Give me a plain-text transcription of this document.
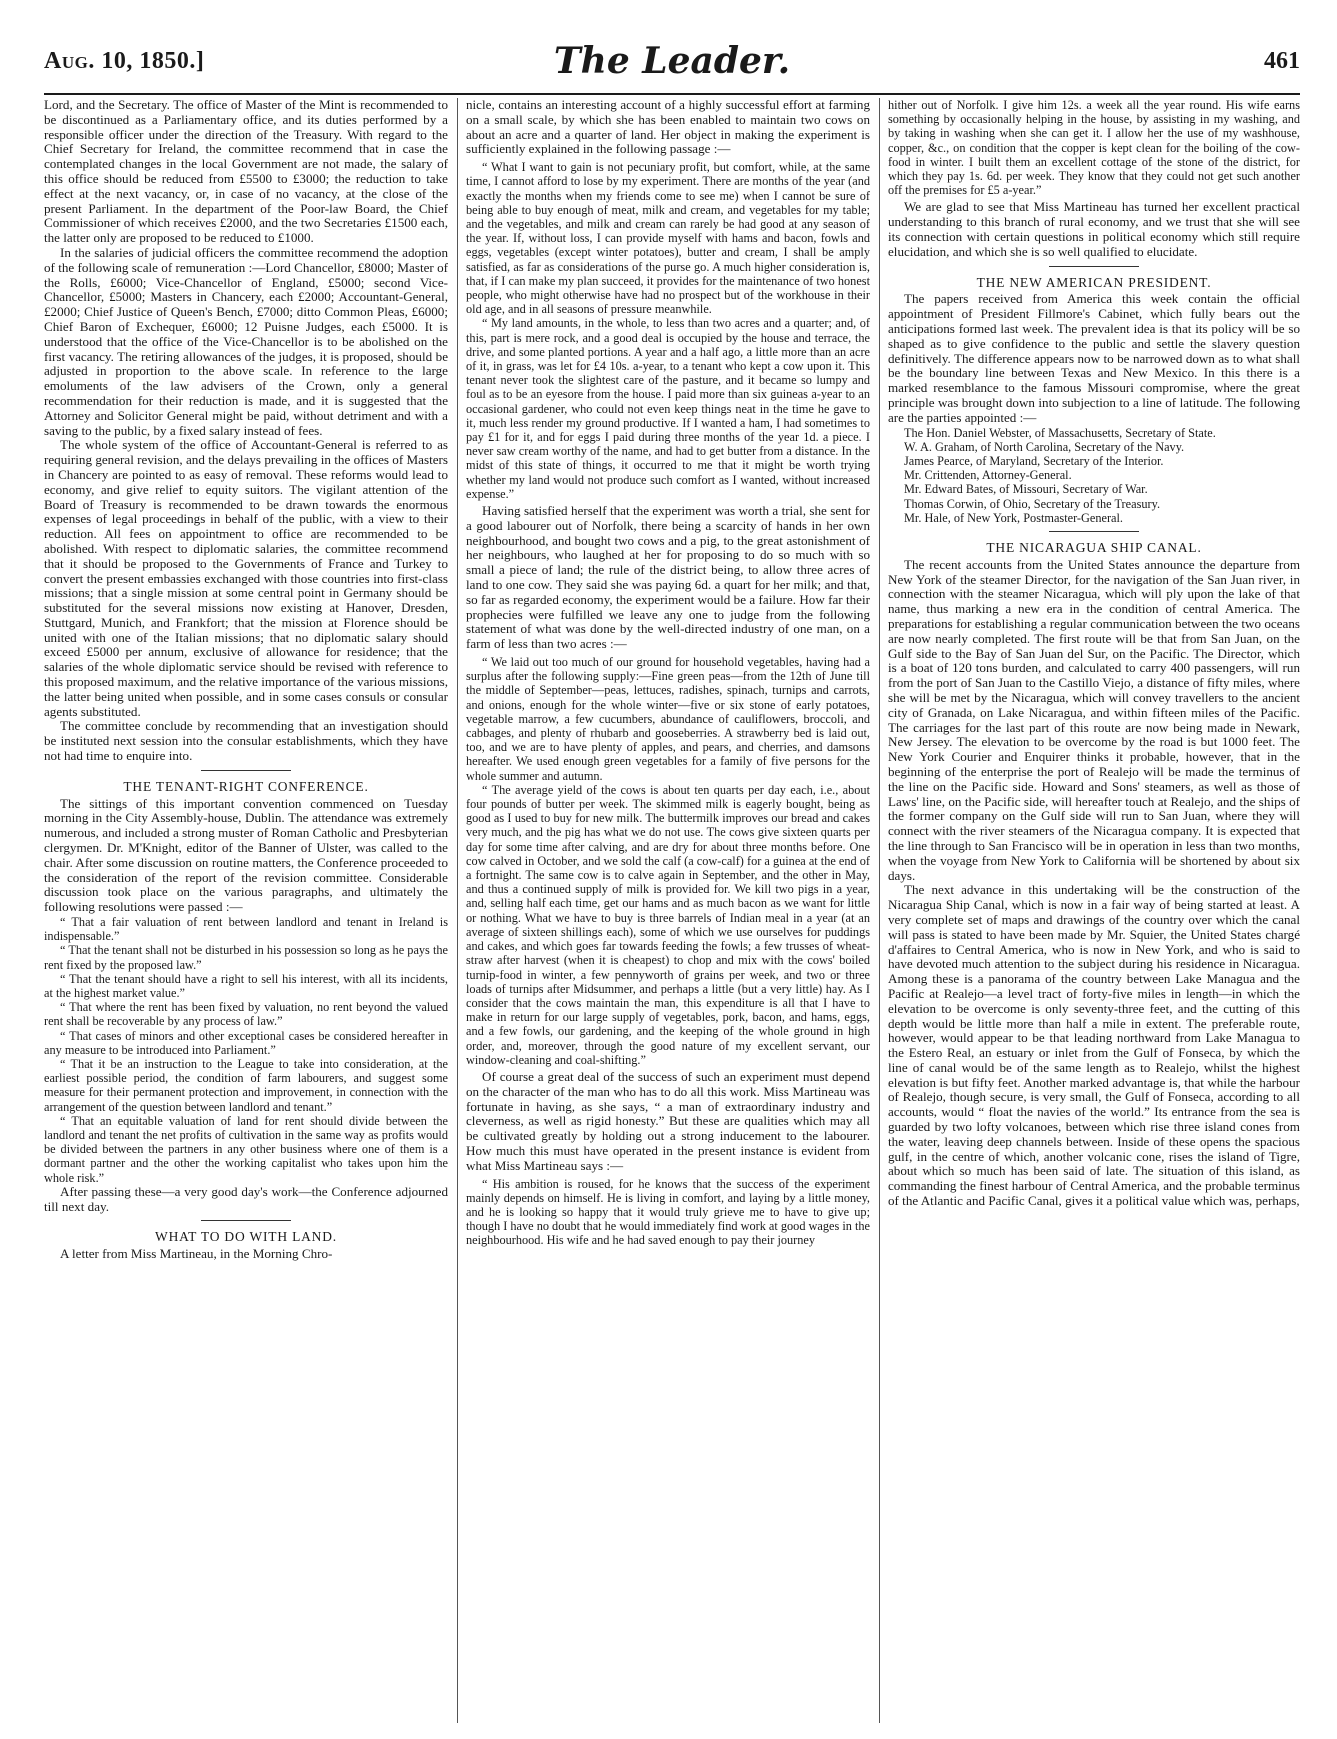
Aug. 10, 1850.]	The Leader.	461

Lord, and the Secretary. The office of Master of the Mint is recommended to be discontinued as a Parliamentary office, and its duties performed by a responsible officer under the direction of the Treasury. With regard to the Chief Secretary for Ireland, the committee recommend that in case the contemplated changes in the local Government are not made, the salary of this office should be reduced from £5500 to £3000; the reduction to take effect at the next vacancy, or, in case of no vacancy, at the close of the present Parliament. In the department of the Poor-law Board, the Chief Commissioner of which receives £2000, and the two Secretaries £1500 each, the latter only are proposed to be reduced to £1000.

In the salaries of judicial officers the committee recommend the adoption of the following scale of remuneration :—Lord Chancellor, £8000; Master of the Rolls, £6000; Vice-Chancellor of England, £5000; second Vice-Chancellor, £5000; Masters in Chancery, each £2000; Accountant-General, £2000; Chief Justice of Queen's Bench, £7000; ditto Common Pleas, £6000; Chief Baron of Exchequer, £6000; 12 Puisne Judges, each £5000. It is understood that the office of the Vice-Chancellor is to be abolished on the first vacancy. The retiring allowances of the judges, it is proposed, should be adjusted in proportion to the above scale. In reference to the large emoluments of the law advisers of the Crown, only a general recommendation for their reduction is made, and it is suggested that the Attorney and Solicitor General might be paid, without detriment and with a saving to the public, by a fixed salary instead of fees.

The whole system of the office of Accountant-General is referred to as requiring general revision, and the delays prevailing in the offices of Masters in Chancery are pointed to as easy of removal. These reforms would lead to economy, and give relief to equity suitors. The vigilant attention of the Board of Treasury is recommended to be drawn towards the enormous expenses of legal proceedings in behalf of the public, with a view to their reduction. All fees on appointment to office are recommended to be abolished. With respect to diplomatic salaries, the committee recommend that it should be proposed to the Governments of France and Turkey to convert the present embassies exchanged with those countries into first-class missions; that a single mission at some central point in Germany should be substituted for the several missions now existing at Hanover, Dresden, Stuttgard, Munich, and Frankfort; that the mission at Florence should be united with one of the Italian missions; that no diplomatic salary should exceed £5000 per annum, exclusive of allowance for residence; that the salaries of the whole diplomatic service should be revised with reference to this proposed maximum, and the relative importance of the various missions, the latter being united when possible, and in some cases consuls or consular agents substituted.

The committee conclude by recommending that an investigation should be instituted next session into the consular establishments, which they have not had time to enquire into.

THE TENANT-RIGHT CONFERENCE.

The sittings of this important convention commenced on Tuesday morning in the City Assembly-house, Dublin. The attendance was extremely numerous, and included a strong muster of Roman Catholic and Presbyterian clergymen. Dr. M'Knight, editor of the Banner of Ulster, was called to the chair. After some discussion on routine matters, the Conference proceeded to the consideration of the report of the revision committee. Considerable discussion took place on the various paragraphs, and ultimately the following resolutions were passed :—

“ That a fair valuation of rent between landlord and tenant in Ireland is indispensable.”

“ That the tenant shall not be disturbed in his possession so long as he pays the rent fixed by the proposed law.”

“ That the tenant should have a right to sell his interest, with all its incidents, at the highest market value.”

“ That where the rent has been fixed by valuation, no rent beyond the valued rent shall be recoverable by any process of law.”

“ That cases of minors and other exceptional cases be considered hereafter in any measure to be introduced into Parliament.”

“ That it be an instruction to the League to take into consideration, at the earliest possible period, the condition of farm labourers, and suggest some measure for their permanent protection and improvement, in connection with the arrangement of the question between landlord and tenant.”

“ That an equitable valuation of land for rent should divide between the landlord and tenant the net profits of cultivation in the same way as profits would be divided between the partners in any other business where one of them is a dormant partner and the other the working capitalist who takes upon him the whole risk.”

After passing these—a very good day's work—the Conference adjourned till next day.

WHAT TO DO WITH LAND.

A letter from Miss Martineau, in the Morning Chro-

nicle, contains an interesting account of a highly successful effort at farming on a small scale, by which she has been enabled to maintain two cows on about an acre and a quarter of land. Her object in making the experiment is sufficiently explained in the following passage :—

“ What I want to gain is not pecuniary profit, but comfort, while, at the same time, I cannot afford to lose by my experiment. There are months of the year (and exactly the months when my friends come to see me) when I cannot be sure of being able to buy enough of meat, milk and cream, and vegetables for my table; and the vegetables, and milk and cream can rarely be had good at any season of the year. If, without loss, I can provide myself with hams and bacon, fowls and eggs, vegetables (except winter potatoes), butter and cream, I shall be amply satisfied, as far as considerations of the purse go. A much higher consideration is, that, if I can make my plan succeed, it provides for the maintenance of two honest people, who might otherwise have had no prospect but of the workhouse in their old age, and in all seasons of pressure meanwhile.

“ My land amounts, in the whole, to less than two acres and a quarter; and, of this, part is mere rock, and a good deal is occupied by the house and terrace, the drive, and some planted portions. A year and a half ago, a little more than an acre of it, in grass, was let for £4 10s. a-year, to a tenant who kept a cow upon it. This tenant never took the slightest care of the pasture, and it became so lumpy and foul as to be an eyesore from the house. I paid more than six guineas a-year to an occasional gardener, who could not even keep things neat in the time he gave to it, much less render my ground productive. If I wanted a ham, I had sometimes to pay £1 for it, and for eggs I paid during three months of the year 1d. a piece. I never saw cream worthy of the name, and had to get butter from a distance. In the midst of this state of things, it occurred to me that it might be worth trying whether my land would not produce such comfort as I wanted, without increased expense.”

Having satisfied herself that the experiment was worth a trial, she sent for a good labourer out of Norfolk, there being a scarcity of hands in her own neighbourhood, and bought two cows and a pig, to the great astonishment of her neighbours, who laughed at her for proposing to do so much with so small a piece of land; the rule of the district being, to allow three acres of land to one cow. They said she was paying 6d. a quart for her milk; and that, so far as regarded economy, the experiment would be a failure. How far their prophecies were fulfilled we leave any one to judge from the following statement of what was done by the well-directed industry of one man, on a farm of less than two acres :—

“ We laid out too much of our ground for household vegetables, having had a surplus after the following supply:—Fine green peas—from the 12th of June till the middle of September—peas, lettuces, radishes, spinach, turnips and carrots, and onions, enough for the whole winter—five or six stone of early potatoes, vegetable marrow, a few cucumbers, abundance of cauliflowers, broccoli, and cabbages, and plenty of rhubarb and gooseberries. A strawberry bed is laid out, too, and we are to have plenty of apples, and pears, and cherries, and damsons hereafter. We used enough green vegetables for a family of five persons for the whole summer and autumn.

“ The average yield of the cows is about ten quarts per day each, i.e., about four pounds of butter per week. The skimmed milk is eagerly bought, being as good as I used to buy for new milk. The buttermilk improves our bread and cakes very much, and the pig has what we do not use. The cows give sixteen quarts per day for some time after calving, and are dry for about three months before. One cow calved in October, and we sold the calf (a cow-calf) for a guinea at the end of a fortnight. The same cow is to calve again in September, and the other in May, and thus a continued supply of milk is provided for. We kill two pigs in a year, and, selling half each time, get our hams and as much bacon as we want for little or nothing. What we have to buy is three barrels of Indian meal in a year (at an average of sixteen shillings each), some of which we use ourselves for puddings and cakes, and which goes far towards feeding the fowls; a few trusses of wheat-straw after harvest (when it is cheapest) to chop and mix with the cows' boiled turnip-food in winter, a few pennyworth of grains per week, and two or three loads of turnips after Midsummer, and perhaps a little (but a very little) hay. As I consider that the cows maintain the man, this expenditure is all that I have to make in return for our large supply of vegetables, pork, bacon, and hams, eggs, and a few fowls, our gardening, and the keeping of the whole ground in high order, and, moreover, through the good nature of my excellent servant, our window-cleaning and coal-shifting.”

Of course a great deal of the success of such an experiment must depend on the character of the man who has to do all this work. Miss Martineau was fortunate in having, as she says, “ a man of extraordinary industry and cleverness, as well as rigid honesty.” But these are qualities which may all be cultivated greatly by holding out a strong inducement to the labourer. How much this must have operated in the present instance is evident from what Miss Martineau says :—

“ His ambition is roused, for he knows that the success of the experiment mainly depends on himself. He is living in comfort, and laying by a little money, and he is looking so happy that it would truly grieve me to have to give up; though I have no doubt that he would immediately find work at good wages in the neighbourhood. His wife and he had saved enough to pay their journey

hither out of Norfolk. I give him 12s. a week all the year round. His wife earns something by occasionally helping in the house, by assisting in my washing, and by taking in washing when she can get it. I allow her the use of my washhouse, copper, &c., on condition that the copper is kept clean for the boiling of the cow-food in winter. I built them an excellent cottage of the stone of the district, for which they pay 1s. 6d. per week. They know that they could not get such another off the premises for £5 a-year.”

We are glad to see that Miss Martineau has turned her excellent practical understanding to this branch of rural economy, and we trust that she will see its connection with certain questions in political economy which still require elucidation, and which she is so well qualified to elucidate.

THE NEW AMERICAN PRESIDENT.

The papers received from America this week contain the official appointment of President Fillmore's Cabinet, which fully bears out the anticipations formed last week. The prevalent idea is that its policy will be so shaped as to give confidence to the public and settle the slavery question definitively. The difference appears now to be narrowed down as to what shall be the boundary line between Texas and New Mexico. In this there is a marked resemblance to the famous Missouri compromise, where the great principle was brought down into subjection to a line of latitude. The following are the parties appointed :—

The Hon. Daniel Webster, of Massachusetts, Secretary of State.

W. A. Graham, of North Carolina, Secretary of the Navy.

James Pearce, of Maryland, Secretary of the Interior.

Mr. Crittenden, Attorney-General.

Mr. Edward Bates, of Missouri, Secretary of War.

Thomas Corwin, of Ohio, Secretary of the Treasury.

Mr. Hale, of New York, Postmaster-General.

THE NICARAGUA SHIP CANAL.

The recent accounts from the United States announce the departure from New York of the steamer Director, for the navigation of the San Juan river, in connection with the steamer Nicaragua, which will ply upon the lake of that name, thus marking a new era in the condition of central America. The preparations for establishing a regular communication between the two oceans are now nearly completed. The first route will be that from San Juan, on the Gulf side to the Bay of San Juan del Sur, on the Pacific. The Director, which is a boat of 120 tons burden, and calculated to carry 400 passengers, will run from the port of San Juan to the Castillo Viejo, a distance of fifty miles, where she will be met by the Nicaragua, which will convey travellers to the ancient city of Granada, on Lake Nicaragua, and within fifteen miles of the Pacific. The carriages for the last part of this route are now being made in Newark, New Jersey. The elevation to be overcome by the road is but 1000 feet. The New York Courier and Enquirer thinks it probable, however, that in the beginning of the enterprise the port of Realejo will be made the terminus of the line on the Pacific side. Howard and Sons' steamers, as well as those of Laws' line, on the Pacific side, will hereafter touch at Realejo, and the ships of the former company on the Gulf side will run to San Juan, where they will connect with the river steamers of the Nicaragua company. It is expected that the line through to San Francisco will be in operation in less than two months, when the voyage from New York to California will be shortened by about six days.

The next advance in this undertaking will be the construction of the Nicaragua Ship Canal, which is now in a fair way of being started at least. A very complete set of maps and drawings of the country over which the canal will pass is stated to have been made by Mr. Squier, the United States chargé d'affaires to Central America, who is now in New York, and who is said to have devoted much attention to the subject during his residence in Nicaragua. Among these is a panorama of the country between Lake Managua and the Pacific at Realejo—a level tract of forty-five miles in length—in which the elevation to be overcome is only seventy-three feet, and the cutting of this depth would be little more than half a mile in extent. The preferable route, however, would appear to be that leading northward from Lake Managua to the Estero Real, an estuary or inlet from the Gulf of Fonseca, by which the line of canal would be of the same length as to Realejo, whilst the highest elevation is but fifty feet. Another marked advantage is, that while the harbour of Realejo, though secure, is very small, the Gulf of Fonseca, according to all accounts, would “ float the navies of the world.” Its entrance from the sea is guarded by two lofty volcanoes, between which rise three island cones from the water, leaving deep channels between. Inside of these opens the spacious gulf, in the centre of which, another volcanic cone, rises the island of Tigre, about which so much has been said of late. The situation of this island, as commanding the finest harbour of Central America, and the probable terminus of the Atlantic and Pacific Canal, gives it a political value which was, perhaps,
